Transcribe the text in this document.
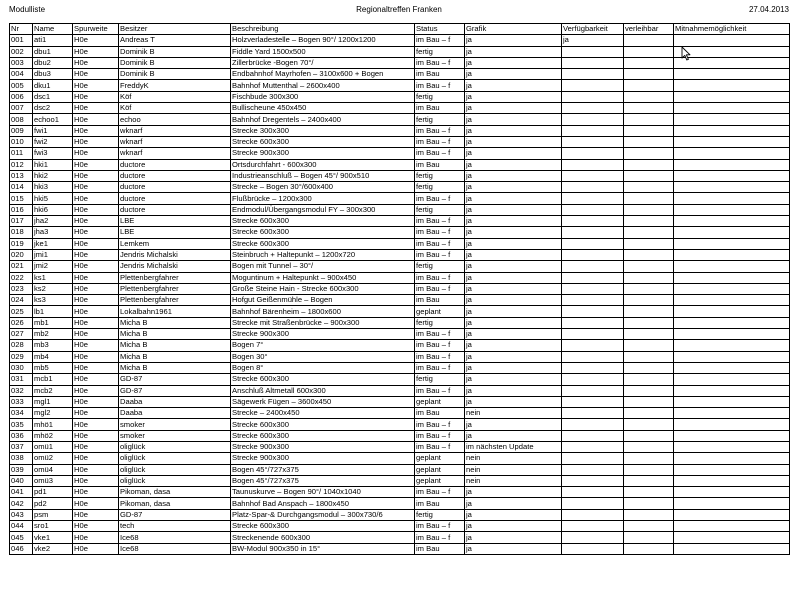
Modulliste	Regionaltreffen Franken	27.04.2013
Nr	Name	Spurweite	Besitzer	Beschreibung	Status	Grafik	Verfügbarkeit	verleihbar	Mitnahmemöglichkeit
001	ati1	H0e	Andreas T	Holzverladestelle – Bogen 90°/ 1200x1200	im Bau – f	ja	ja		
002	dbu1	H0e	Dominik B	Fiddle Yard 1500x500	fertig	ja			
003	dbu2	H0e	Dominik B	Zillerbrücke -Bogen 70°/	im Bau – f	ja			
004	dbu3	H0e	Dominik B	Endbahnhof Mayrhofen – 3100x600 + Bogen	im Bau	ja			
005	dku1	H0e	FreddyK	Bahnhof Muttenthal – 2600x400	im Bau – f	ja			
006	dsc1	H0e	Köf	Fischbude 300x300	fertig	ja			
007	dsc2	H0e	Köf	Bullischeune 450x450	im Bau	ja			
008	echoo1	H0e	echoo	Bahnhof Dregentels – 2400x400	fertig	ja			
009	fwi1	H0e	wknarf	Strecke 300x300	im Bau – f	ja			
010	fwi2	H0e	wknarf	Strecke 600x300	im Bau – f	ja			
011	fwi3	H0e	wknarf	Strecke 900x300	im Bau – f	ja			
012	hki1	H0e	ductore	Ortsdurchfahrt - 600x300	im Bau	ja			
013	hki2	H0e	ductore	Industrieanschluß – Bogen 45°/ 900x510	fertig	ja			
014	hki3	H0e	ductore	Strecke – Bogen 30°/600x400	fertig	ja			
015	hki5	H0e	ductore	Flußbrücke – 1200x300	im Bau – f	ja			
016	hki6	H0e	ductore	Endmodul/Übergangsmodul FY – 300x300	fertig	ja			
017	jha2	H0e	LBE	Strecke 600x300	im Bau – f	ja			
018	jha3	H0e	LBE	Strecke 600x300	im Bau – f	ja			
019	jke1	H0e	Lemkem	Strecke 600x300	im Bau – f	ja			
020	jmi1	H0e	Jendris Michalski	Steinbruch + Haltepunkt – 1200x720	im Bau – f	ja			
021	jmi2	H0e	Jendris Michalski	Bogen mit Tunnel – 30°/	fertig	ja			
022	ks1	H0e	Plettenbergfahrer	Moguntinum + Haltepunkt – 900x450	im Bau – f	ja			
023	ks2	H0e	Plettenbergfahrer	Große Steine Hain - Strecke 600x300	im Bau – f	ja			
024	ks3	H0e	Plettenbergfahrer	Hofgut Geißenmühle – Bogen	im Bau	ja			
025	lb1	H0e	Lokalbahn1961	Bahnhof Bärenheim – 1800x600	geplant	ja			
026	mb1	H0e	Micha B	Strecke mit Straßenbrücke – 900x300	fertig	ja			
027	mb2	H0e	Micha B	Strecke 900x300	im Bau – f	ja			
028	mb3	H0e	Micha B	Bogen 7°	im Bau – f	ja			
029	mb4	H0e	Micha B	Bogen 30°	im Bau – f	ja			
030	mb5	H0e	Micha B	Bogen 8°	im Bau – f	ja			
031	mcb1	H0e	GD-87	Strecke 600x300	fertig	ja			
032	mcb2	H0e	GD-87	Anschluß Altmetall 600x300	im Bau – f	ja			
033	mgl1	H0e	Daaba	Sägewerk Fügen – 3600x450	geplant	ja			
034	mgl2	H0e	Daaba	Strecke – 2400x450	im Bau	nein			
035	mhö1	H0e	smoker	Strecke 600x300	im Bau – f	ja			
036	mhö2	H0e	smoker	Strecke 600x300	im Bau – f	ja			
037	omü1	H0e	oliglück	Strecke 900x300	im Bau – f	im nächsten Update			
038	omü2	H0e	oliglück	Strecke 900x300	geplant	nein			
039	omü4	H0e	oliglück	Bogen 45°/727x375	geplant	nein			
040	omü3	H0e	oliglück	Bogen 45°/727x375	geplant	nein			
041	pd1	H0e	Pikoman, dasa	Taunuskurve – Bogen 90°/ 1040x1040	im Bau – f	ja			
042	pd2	H0e	Pikoman, dasa	Bahnhof Bad Anspach – 1800x450	im Bau	ja			
043	psm	H0e	GD-87	Platz-Spar-& Durchgangsmodul – 300x730/6	fertig	ja			
044	sro1	H0e	tech	Strecke 600x300	im Bau – f	ja			
045	vke1	H0e	Ice68	Streckenende 600x300	im Bau – f	ja			
046	vke2	H0e	Ice68	BW-Modul 900x350 in 15°	im Bau	ja			
